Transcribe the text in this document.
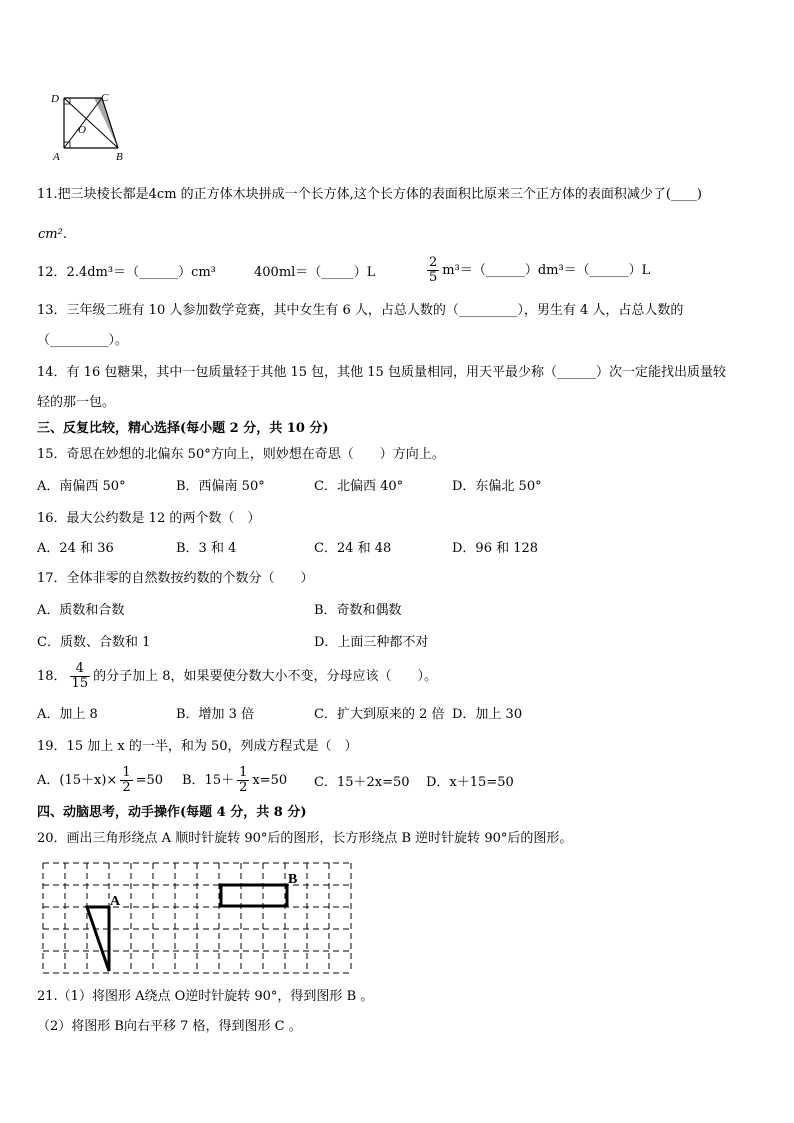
D	C
O
A	B
11.把三块棱长都是4cm 的正方体木块拼成一个长方体,这个长方体的表面积比原来三个正方体的表面积减少了(____)
cm².
12．2.4dm³＝（______）cm³	400ml＝（_____）L	$\frac{2}{5}$ m³＝（______）dm³＝（______）L
13．三年级二班有 10 人参加数学竞赛，其中女生有 6 人，占总人数的（_________），男生有 4 人，占总人数的
（_________）。
14．有 16 包糖果，其中一包质量轻于其他 15 包，其他 15 包质量相同，用天平最少称（______）次一定能找出质量较
轻的那一包。
三、反复比较，精心选择(每小题 2 分，共 10 分)
15．奇思在妙想的北偏东 50°方向上，则妙想在奇思（　　）方向上。
A．南偏西 50°	B．西偏南 50°	C．北偏西 40°	D．东偏北 50°
16．最大公约数是 12 的两个数（　）
A．24 和 36	B．3 和 4	C．24 和 48	D．96 和 128
17．全体非零的自然数按约数的个数分（　　）
A．质数和合数	B．奇数和偶数
C．质数、合数和 1	D．上面三种都不对
18． $\frac{4}{15}$ 的分子加上 8，如果要使分数大小不变，分母应该（　　）。
A．加上 8	B．增加 3 倍	C．扩大到原来的 2 倍 D．加上 30
19．15 加上 x 的一半，和为 50，列成方程式是（　）
A．$(15+x)\times \frac{1}{2} =50$ B．$15+ \frac{1}{2} x=50$ C．15＋2x=50 D．x＋15=50
四、动脑思考，动手操作(每题 4 分，共 8 分)
20．画出三角形绕点 A 顺时针旋转 90°后的图形，长方形绕点 B 逆时针旋转 90°后的图形。
A
B
21.（1）将图形 A绕点 O逆时针旋转 90°，得到图形 B 。
（2）将图形 B向右平移 7 格，得到图形 C 。
